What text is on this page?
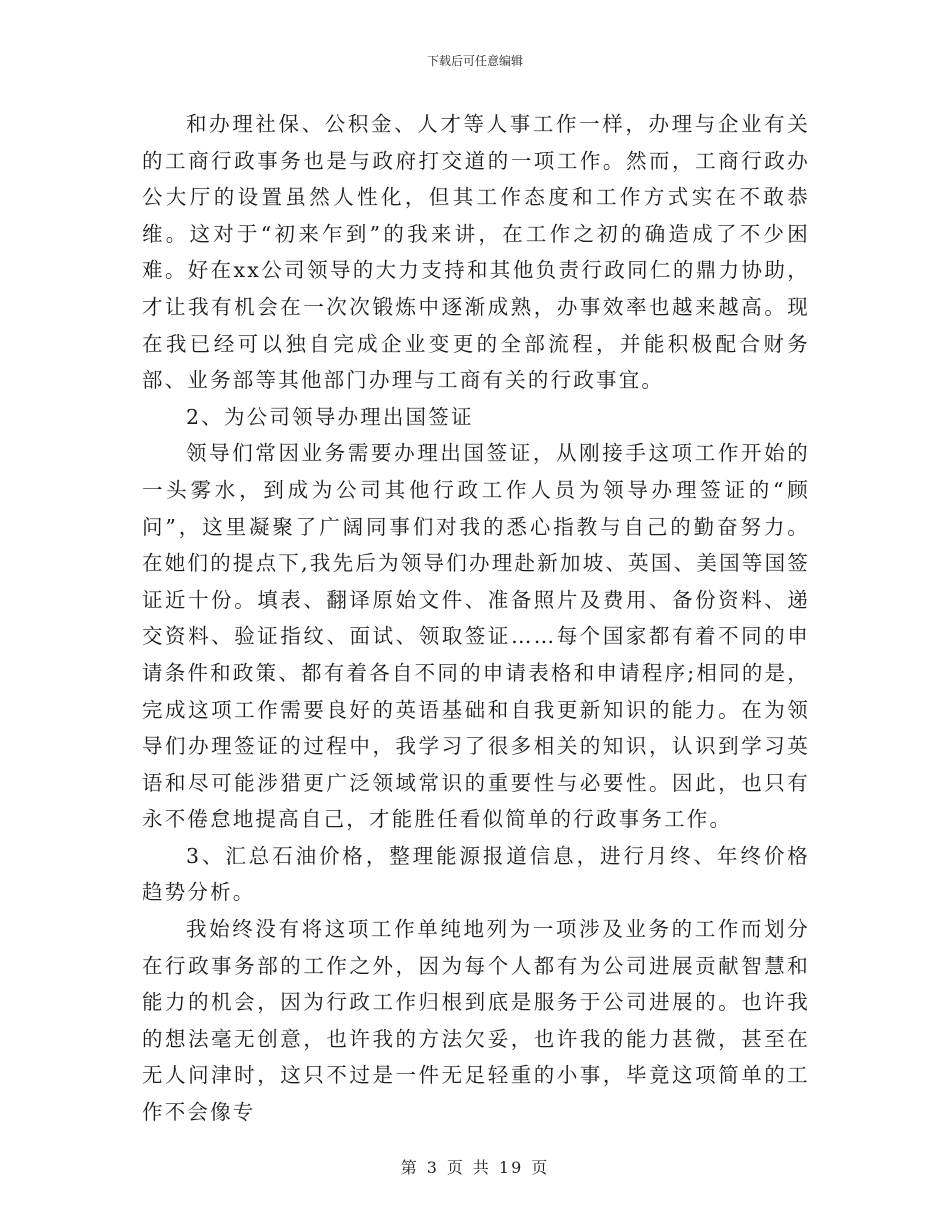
下载后可任意编辑

和办理社保、公积金、人才等人事工作一样，办理与企业有关的工商行政事务也是与政府打交道的一项工作。然而，工商行政办公大厅的设置虽然人性化，但其工作态度和工作方式实在不敢恭维。这对于“初来乍到”的我来讲，在工作之初的确造成了不少困难。好在xx公司领导的大力支持和其他负责行政同仁的鼎力协助，才让我有机会在一次次锻炼中逐渐成熟，办事效率也越来越高。现在我已经可以独自完成企业变更的全部流程，并能积极配合财务部、业务部等其他部门办理与工商有关的行政事宜。

2、为公司领导办理出国签证

领导们常因业务需要办理出国签证，从刚接手这项工作开始的一头雾水，到成为公司其他行政工作人员为领导办理签证的“顾问”，这里凝聚了广阔同事们对我的悉心指教与自己的勤奋努力。在她们的提点下,我先后为领导们办理赴新加坡、英国、美国等国签证近十份。填表、翻译原始文件、准备照片及费用、备份资料、递交资料、验证指纹、面试、领取签证……每个国家都有着不同的申请条件和政策、都有着各自不同的申请表格和申请程序;相同的是，完成这项工作需要良好的英语基础和自我更新知识的能力。在为领导们办理签证的过程中，我学习了很多相关的知识，认识到学习英语和尽可能涉猎更广泛领域常识的重要性与必要性。因此，也只有永不倦怠地提高自己，才能胜任看似简单的行政事务工作。

3、汇总石油价格，整理能源报道信息，进行月终、年终价格趋势分析。

我始终没有将这项工作单纯地列为一项涉及业务的工作而划分在行政事务部的工作之外，因为每个人都有为公司进展贡献智慧和能力的机会，因为行政工作归根到底是服务于公司进展的。也许我的想法毫无创意，也许我的方法欠妥，也许我的能力甚微，甚至在无人问津时，这只不过是一件无足轻重的小事，毕竟这项简单的工作不会像专

第 3 页 共 19 页
